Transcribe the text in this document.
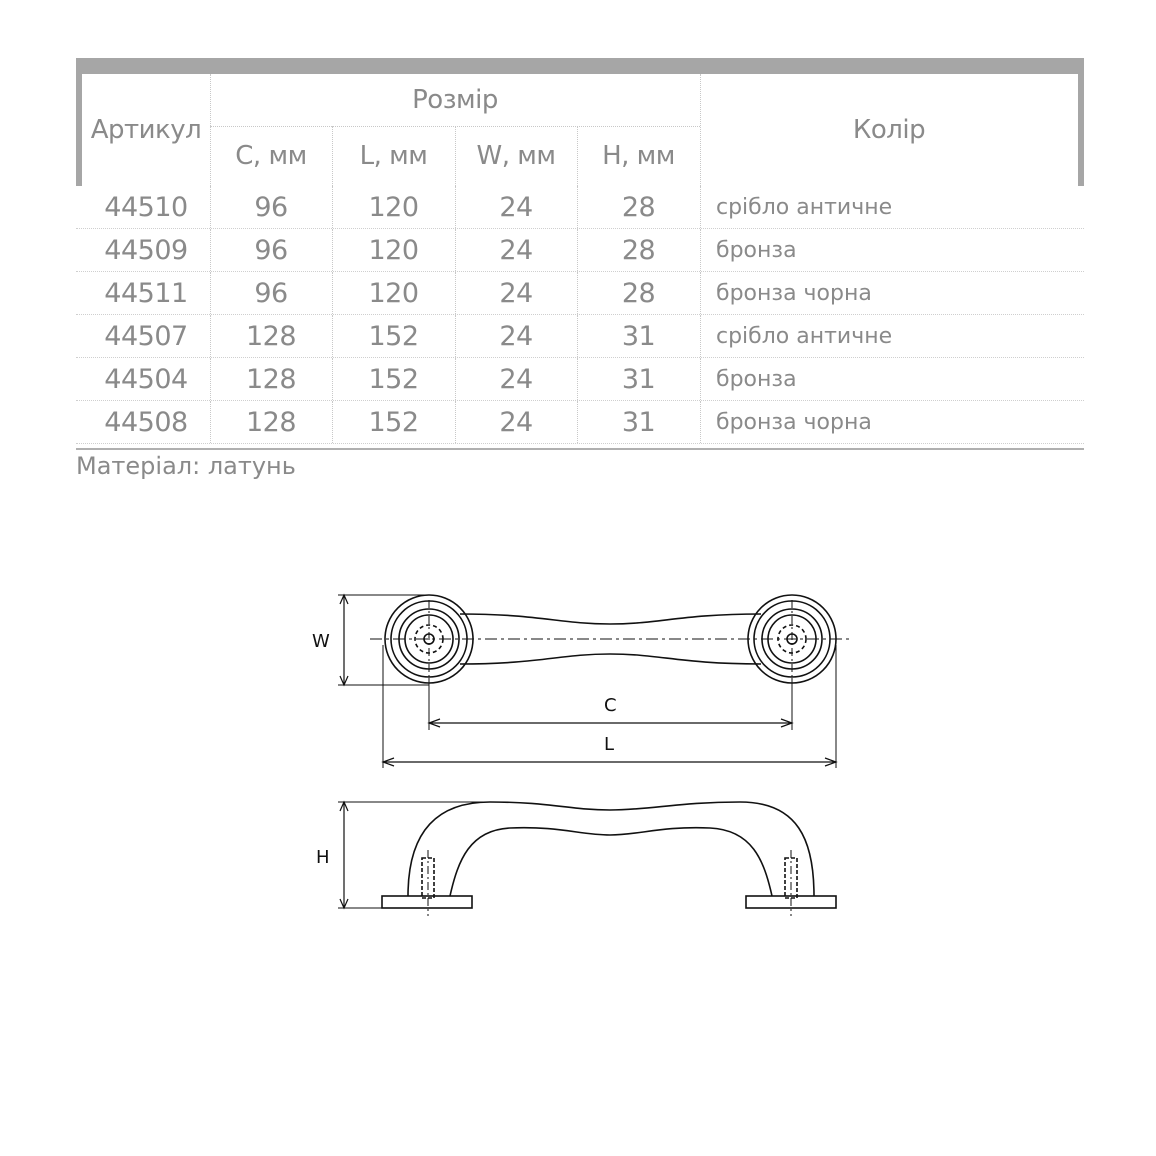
Артикул
Розмір
C, мм	L, мм	W, мм	H, мм
Колір
44510	96	120	24	28	срібло античне
44509	96	120	24	28	бронза
44511	96	120	24	28	бронза чорна
44507	128	152	24	31	срібло античне
44504	128	152	24	31	бронза
44508	128	152	24	31	бронза чорна
Матеріал: латунь
W
C
L
H
